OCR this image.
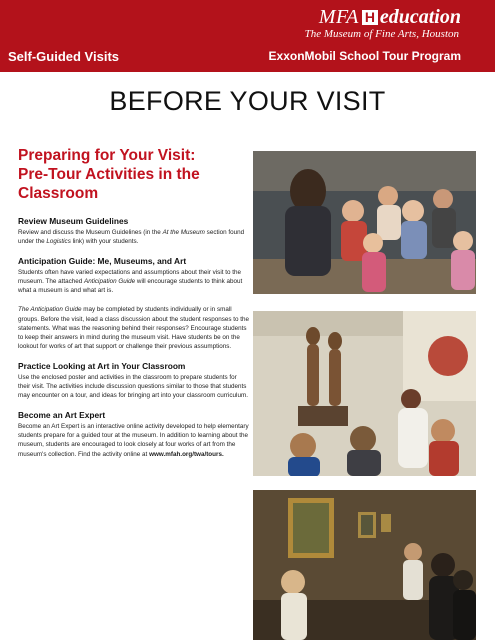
MFA H education
The Museum of Fine Arts, Houston
Self-Guided Visits	ExxonMobil School Tour Program
BEFORE YOUR VISIT
Preparing for Your Visit:
Pre-Tour Activities in the
Classroom
Review Museum Guidelines

Review and discuss the Museum Guidelines (in the At the Museum section found under the Logistics link) with your students.

Anticipation Guide: Me, Museums, and Art

Students often have varied expectations and assumptions about their visit to the museum. The attached Anticipation Guide will encourage students to think about what a museum is and what art is.

The Anticipation Guide may be completed by students individually or in small groups. Before the visit, lead a class discussion about the student responses to the statements. What was the reasoning behind their responses? Encourage students to keep their answers in mind during the museum visit. Have students be on the lookout for works of art that support or challenge their previous assumptions.

Practice Looking at Art in Your Classroom

Use the enclosed poster and activities in the classroom to prepare students for their visit. The activities include discussion questions similar to those that students may encounter on a tour, and ideas for bringing art into your classroom curriculum.

Become an Art Expert

Become an Art Expert is an interactive online activity developed to help elementary students prepare for a guided tour at the museum. In addition to learning about the museum, students are encouraged to look closely at four works of art from the museum's collection. Find the activity online at www.mfah.org/twa/tours.
